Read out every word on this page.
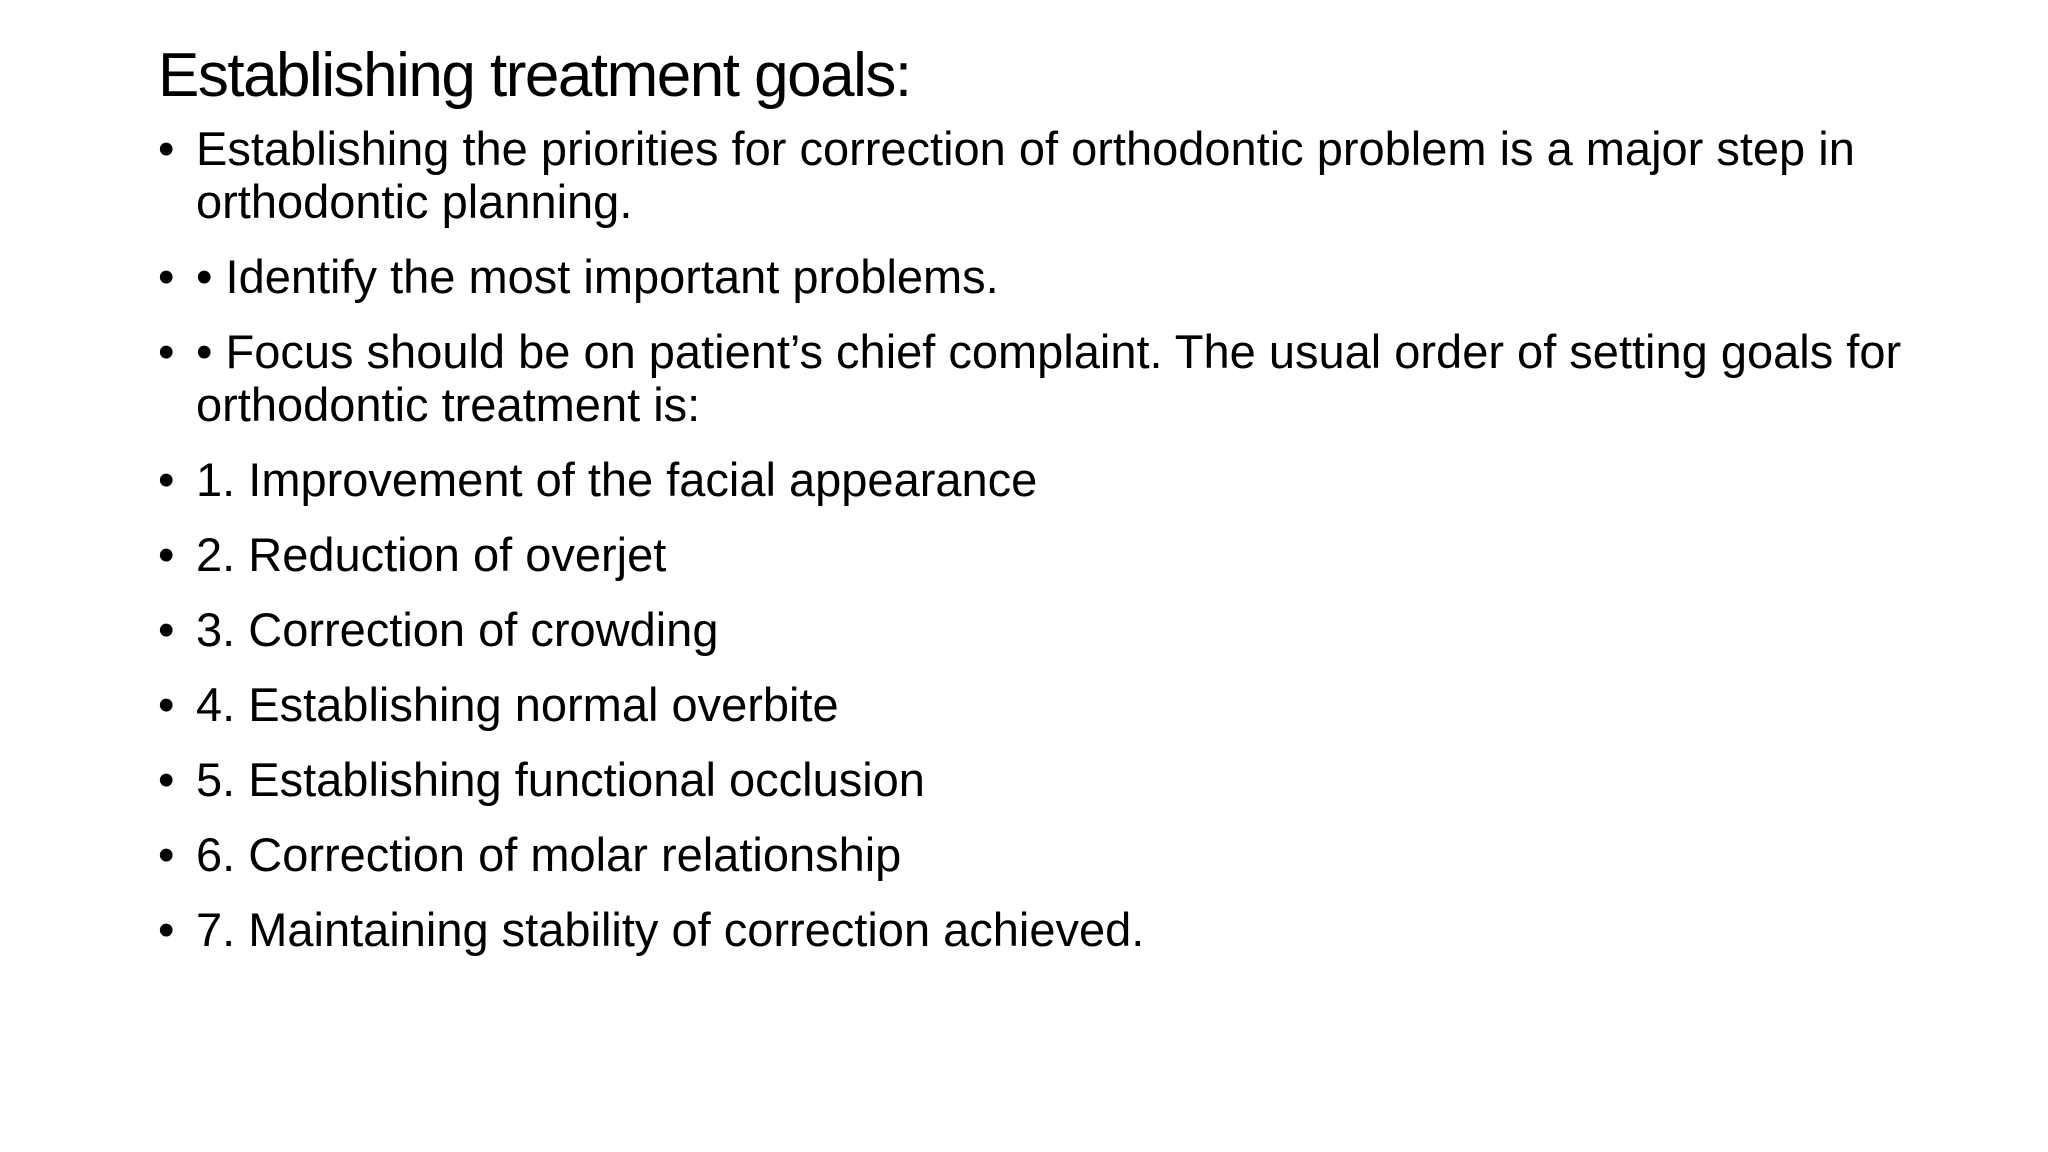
Establishing treatment goals:
• Establishing the priorities for correction of orthodontic problem is a major step in orthodontic planning.
• • Identify the most important problems.
• • Focus should be on patient’s chief complaint. The usual order of setting goals for orthodontic treatment is:
• 1. Improvement of the facial appearance
• 2. Reduction of overjet
• 3. Correction of crowding
• 4. Establishing normal overbite
• 5. Establishing functional occlusion
• 6. Correction of molar relationship
• 7. Maintaining stability of correction achieved.
